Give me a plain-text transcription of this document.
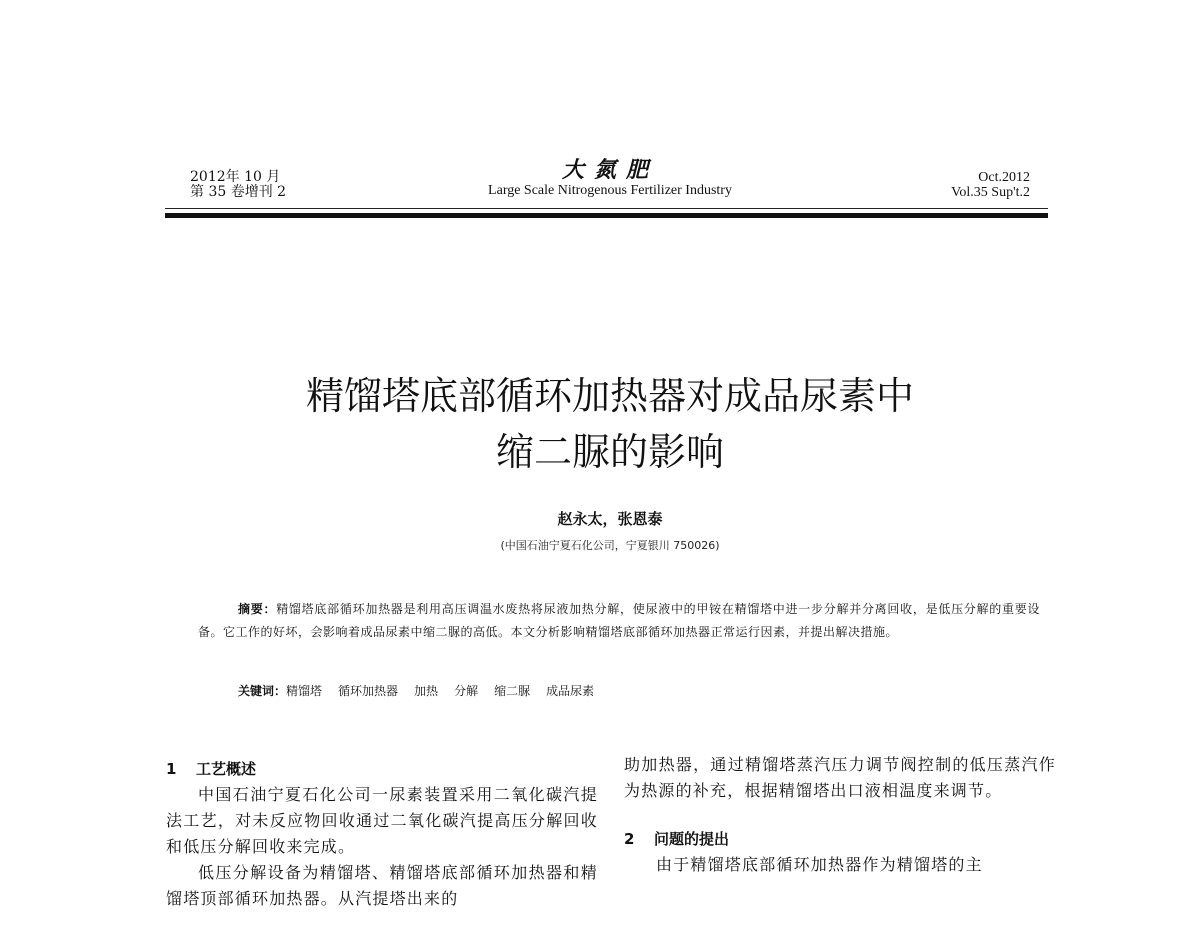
2012年 10 月
第 35 卷增刊 2
大氮肥
Large Scale Nitrogenous Fertilizer Industry
Oct.2012
Vol.35 Sup't.2
精馏塔底部循环加热器对成品尿素中
缩二脲的影响
赵永太，张恩泰
(中国石油宁夏石化公司，宁夏银川 750026)
摘要：精馏塔底部循环加热器是利用高压调温水废热将尿液加热分解，使尿液中的甲铵在精馏塔中进一步分解并分离回收，是低压分解的重要设备。它工作的好坏，会影响着成品尿素中缩二脲的高低。本文分析影响精馏塔底部循环加热器正常运行因素，并提出解决措施。
关键词：精馏塔 循环加热器 加热 分解 缩二脲 成品尿素
1 工艺概述
中国石油宁夏石化公司一尿素装置采用二氧化碳汽提法工艺，对未反应物回收通过二氧化碳汽提高压分解回收和低压分解回收来完成。
低压分解设备为精馏塔、精馏塔底部循环加热器和精馏塔顶部循环加热器。从汽提塔出来的
助加热器，通过精馏塔蒸汽压力调节阀控制的低压蒸汽作为热源的补充，根据精馏塔出口液相温度来调节。
2 问题的提出
由于精馏塔底部循环加热器作为精馏塔的主
